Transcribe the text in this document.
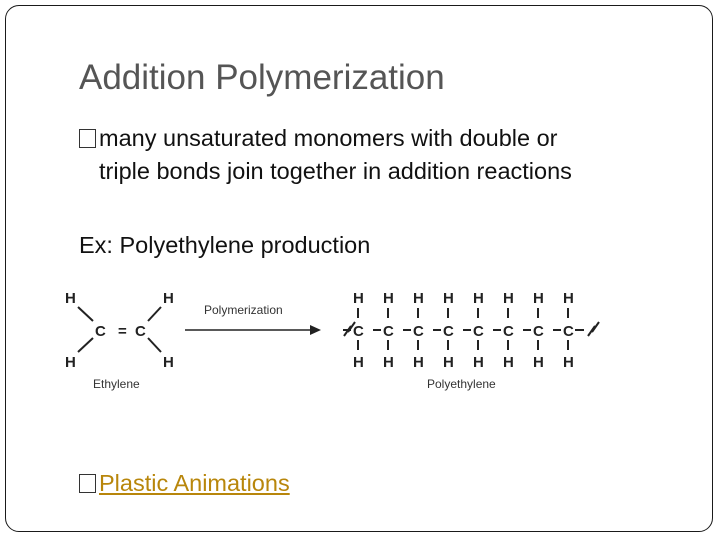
Addition Polymerization
many unsaturated monomers with double or
triple bonds join together in addition reactions
Ex: Polyethylene production
H	H
H	H
C = C
Ethylene
Polymerization
H
C
H
H
C
H
H
C
H
H
C
H
H
C
H
H
C
H
H
C
H
H
C
H
Polyethylene
Plastic Animations
